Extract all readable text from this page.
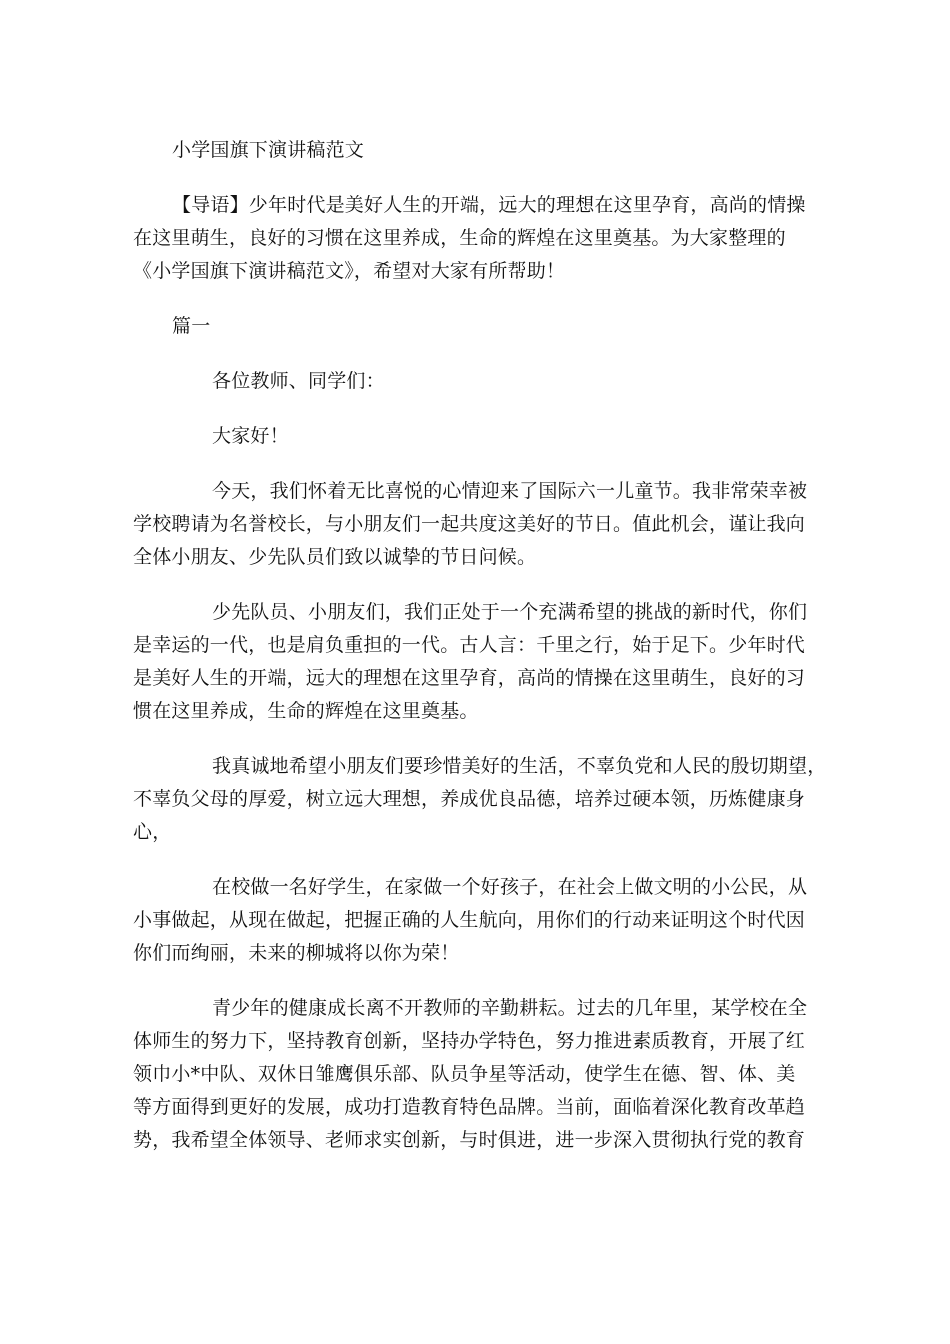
小学国旗下演讲稿范文
【导语】少年时代是美好人生的开端，远大的理想在这里孕育，高尚的情操
在这里萌生，良好的习惯在这里养成，生命的辉煌在这里奠基。为大家整理的
《小学国旗下演讲稿范文》，希望对大家有所帮助！
篇一
各位教师、同学们：
大家好！
今天，我们怀着无比喜悦的心情迎来了国际六一儿童节。我非常荣幸被
学校聘请为名誉校长，与小朋友们一起共度这美好的节日。值此机会，谨让我向
全体小朋友、少先队员们致以诚挚的节日问候。
少先队员、小朋友们，我们正处于一个充满希望的挑战的新时代，你们
是幸运的一代，也是肩负重担的一代。古人言：千里之行，始于足下。少年时代
是美好人生的开端，远大的理想在这里孕育，高尚的情操在这里萌生，良好的习
惯在这里养成，生命的辉煌在这里奠基。
我真诚地希望小朋友们要珍惜美好的生活，不辜负党和人民的殷切期望，
不辜负父母的厚爱，树立远大理想，养成优良品德，培养过硬本领，历炼健康身
心，
在校做一名好学生，在家做一个好孩子，在社会上做文明的小公民，从
小事做起，从现在做起，把握正确的人生航向，用你们的行动来证明这个时代因
你们而绚丽，未来的柳城将以你为荣！
青少年的健康成长离不开教师的辛勤耕耘。过去的几年里，某学校在全
体师生的努力下，坚持教育创新，坚持办学特色，努力推进素质教育，开展了红
领巾小*中队、双休日雏鹰俱乐部、队员争星等活动，使学生在德、智、体、美
等方面得到更好的发展，成功打造教育特色品牌。当前，面临着深化教育改革趋
势，我希望全体领导、老师求实创新，与时俱进，进一步深入贯彻执行党的教育
